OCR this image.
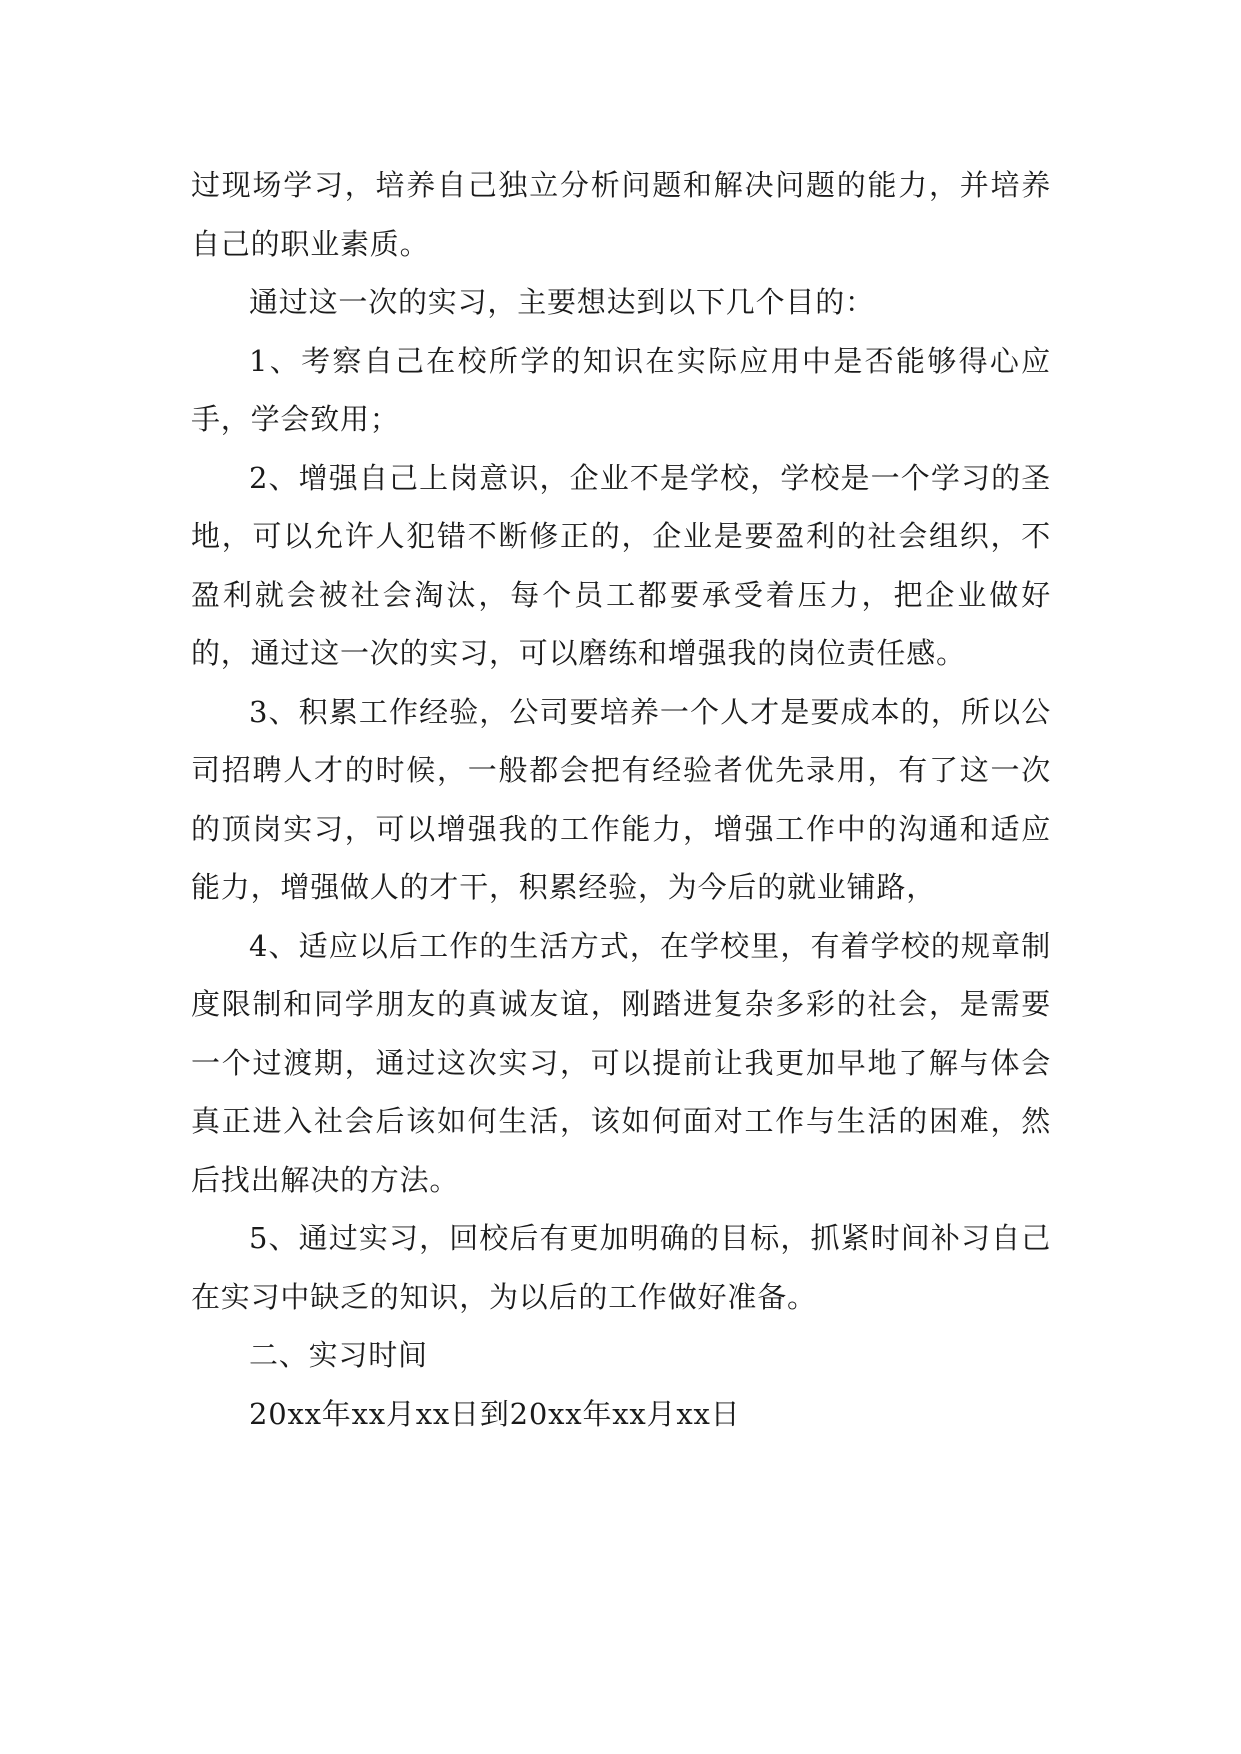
过现场学习，培养自己独立分析问题和解决问题的能力，并培养自己的职业素质。

通过这一次的实习，主要想达到以下几个目的：

1、考察自己在校所学的知识在实际应用中是否能够得心应手，学会致用；

2、增强自己上岗意识，企业不是学校，学校是一个学习的圣地，可以允许人犯错不断修正的，企业是要盈利的社会组织，不盈利就会被社会淘汰，每个员工都要承受着压力，把企业做好的，通过这一次的实习，可以磨练和增强我的岗位责任感。

3、积累工作经验，公司要培养一个人才是要成本的，所以公司招聘人才的时候，一般都会把有经验者优先录用，有了这一次的顶岗实习，可以增强我的工作能力，增强工作中的沟通和适应能力，增强做人的才干，积累经验，为今后的就业铺路，

4、适应以后工作的生活方式，在学校里，有着学校的规章制度限制和同学朋友的真诚友谊，刚踏进复杂多彩的社会，是需要一个过渡期，通过这次实习，可以提前让我更加早地了解与体会真正进入社会后该如何生活，该如何面对工作与生活的困难，然后找出解决的方法。

5、通过实习，回校后有更加明确的目标，抓紧时间补习自己在实习中缺乏的知识，为以后的工作做好准备。

二、实习时间

20xx年xx月xx日到20xx年xx月xx日
